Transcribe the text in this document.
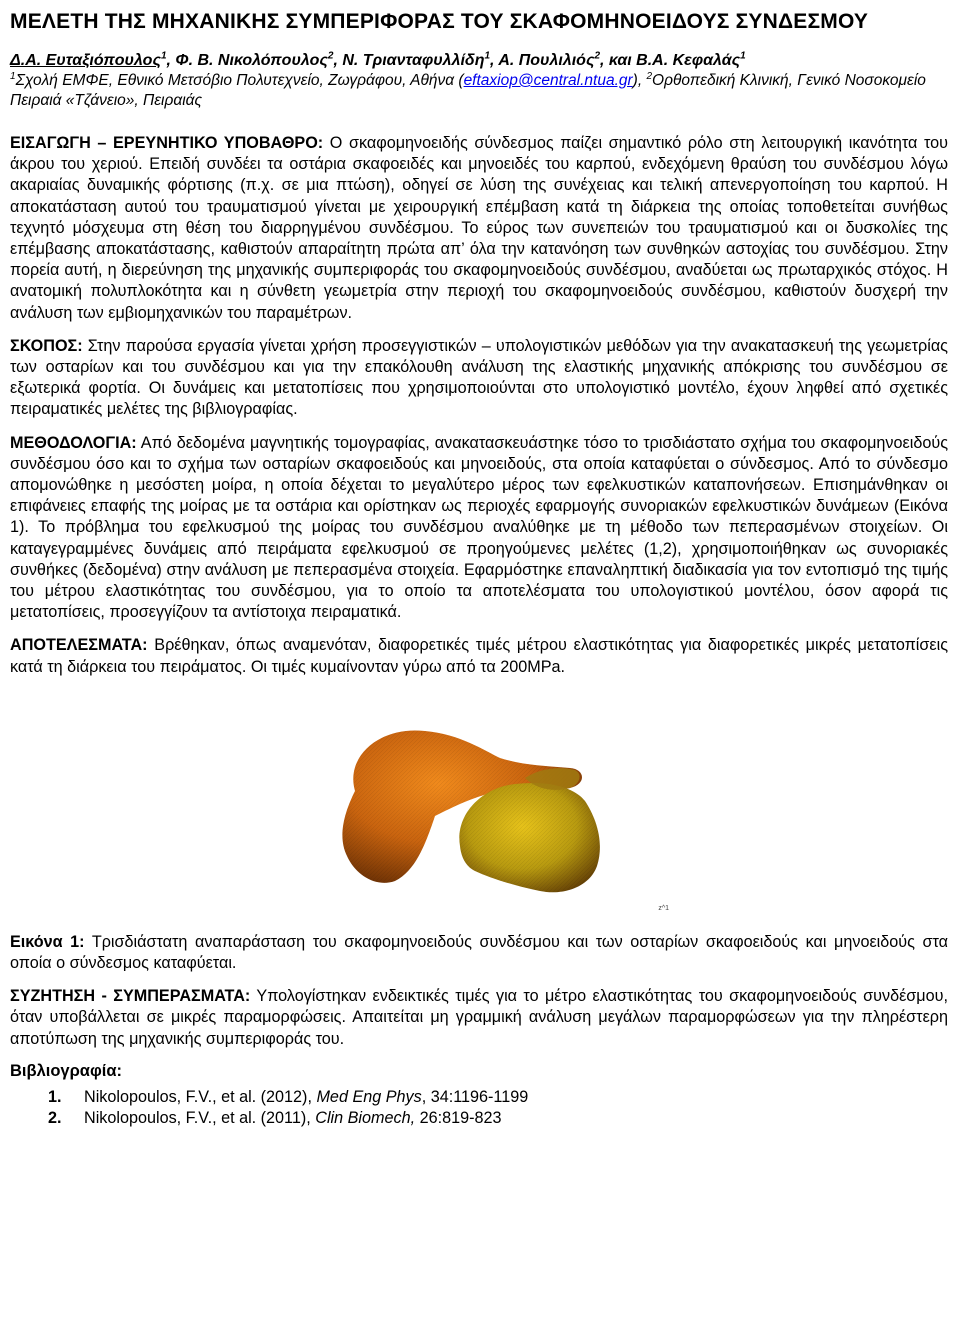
ΜΕΛΕΤΗ ΤΗΣ ΜΗΧΑΝΙΚΗΣ ΣΥΜΠΕΡΙΦΟΡΑΣ ΤΟΥ ΣΚΑΦΟΜΗΝΟΕΙΔΟΥΣ ΣΥΝΔΕΣΜΟΥ
Δ.Α. Ευταξιόπουλος$^1$, Φ. Β. Νικολόπουλος$^2$, Ν. Τριανταφυλλίδη$^1$, Α. Πουλιλιός$^2$, και Β.Α. Κεφαλάς$^1$
$^1$Σχολή ΕΜΦΕ, Εθνικό Μετσόβιο Πολυτεχνείο, Ζωγράφου, Αθήνα (eftaxiop@central.ntua.gr), $^2$Ορθοπεδική Κλινική, Γενικό Νοσοκομείο Πειραιά «Τζάνειο», Πειραιάς

ΕΙΣΑΓΩΓΗ – ΕΡΕΥΝΗΤΙΚΟ ΥΠΟΒΑΘΡΟ: Ο σκαφομηνοειδής σύνδεσμος παίζει σημαντικό ρόλο στη λειτουργική ικανότητα του άκρου του χεριού. Επειδή συνδέει τα οστάρια σκαφοειδές και μηνοειδές του καρπού, ενδεχόμενη θραύση του συνδέσμου λόγω ακαριαίας δυναμικής φόρτισης (π.χ. σε μια πτώση), οδηγεί σε λύση της συνέχειας και τελική απενεργοποίηση του καρπού. Η αποκατάσταση αυτού του τραυματισμού γίνεται με χειρουργική επέμβαση κατά τη διάρκεια της οποίας τοποθετείται συνήθως τεχνητό μόσχευμα στη θέση του διαρρηγμένου συνδέσμου. Το εύρος των συνεπειών του τραυματισμού και οι δυσκολίες της επέμβασης αποκατάστασης, καθιστούν απαραίτητη πρώτα απ’ όλα την κατανόηση των συνθηκών αστοχίας του συνδέσμου. Στην πορεία αυτή, η διερεύνηση της μηχανικής συμπεριφοράς του σκαφομηνοειδούς συνδέσμου, αναδύεται ως πρωταρχικός στόχος. Η ανατομική πολυπλοκότητα και η σύνθετη γεωμετρία στην περιοχή του σκαφομηνοειδούς συνδέσμου, καθιστούν δυσχερή την ανάλυση των εμβιομηχανικών του παραμέτρων.

ΣΚΟΠΟΣ: Στην παρούσα εργασία γίνεται χρήση προσεγγιστικών – υπολογιστικών μεθόδων για την ανακατασκευή της γεωμετρίας των οσταρίων και του συνδέσμου και για την επακόλουθη ανάλυση της ελαστικής μηχανικής απόκρισης του συνδέσμου σε εξωτερικά φορτία. Οι δυνάμεις και μετατοπίσεις που χρησιμοποιούνται στο υπολογιστικό μοντέλο, έχουν ληφθεί από σχετικές πειραματικές μελέτες της βιβλιογραφίας.

ΜΕΘΟΔΟΛΟΓΙΑ: Από δεδομένα μαγνητικής τομογραφίας, ανακατασκευάστηκε τόσο το τρισδιάστατο σχήμα του σκαφομηνοειδούς συνδέσμου όσο και το σχήμα των οσταρίων σκαφοειδούς και μηνοειδούς, στα οποία καταφύεται ο σύνδεσμος. Από το σύνδεσμο απομονώθηκε η μεσόστεη μοίρα, η οποία δέχεται το μεγαλύτερο μέρος των εφελκυστικών καταπονήσεων. Επισημάνθηκαν οι επιφάνειες επαφής της μοίρας με τα οστάρια και ορίστηκαν ως περιοχές εφαρμογής συνοριακών εφελκυστικών δυνάμεων (Εικόνα 1). Το πρόβλημα του εφελκυσμού της μοίρας του συνδέσμου αναλύθηκε με τη μέθοδο των πεπερασμένων στοιχείων. Οι καταγεγραμμένες δυνάμεις από πειράματα εφελκυσμού σε προηγούμενες μελέτες (1,2), χρησιμοποιήθηκαν ως συνοριακές συνθήκες (δεδομένα) στην ανάλυση με πεπερασμένα στοιχεία. Εφαρμόστηκε επαναληπτική διαδικασία για τον εντοπισμό της τιμής του μέτρου ελαστικότητας του συνδέσμου, για το οποίο τα αποτελέσματα του υπολογιστικού μοντέλου, όσον αφορά τις μετατοπίσεις, προσεγγίζουν τα αντίστοιχα πειραματικά.

ΑΠΟΤΕΛΕΣΜΑΤΑ: Βρέθηκαν, όπως αναμενόταν, διαφορετικές τιμές μέτρου ελαστικότητας για διαφορετικές μικρές μετατοπίσεις κατά τη διάρκεια του πειράματος. Οι τιμές κυμαίνονταν γύρω από τα 200MPa.

z^1

Εικόνα 1: Τρισδιάστατη αναπαράσταση του σκαφομηνοειδούς συνδέσμου και των οσταρίων σκαφοειδούς και μηνοειδούς στα οποία ο σύνδεσμος καταφύεται.

ΣΥΖΗΤΗΣΗ - ΣΥΜΠΕΡΑΣΜΑΤΑ: Υπολογίστηκαν ενδεικτικές τιμές για το μέτρο ελαστικότητας του σκαφομηνοειδούς συνδέσμου, όταν υποβάλλεται σε μικρές παραμορφώσεις. Απαιτείται μη γραμμική ανάλυση μεγάλων παραμορφώσεων για την πληρέστερη αποτύπωση της μηχανικής συμπεριφοράς του.

Βιβλιογραφία:
1. Nikolopoulos, F.V., et al. (2012), Med Eng Phys, 34:1196-1199
2. Nikolopoulos, F.V., et al. (2011), Clin Biomech, 26:819-823
